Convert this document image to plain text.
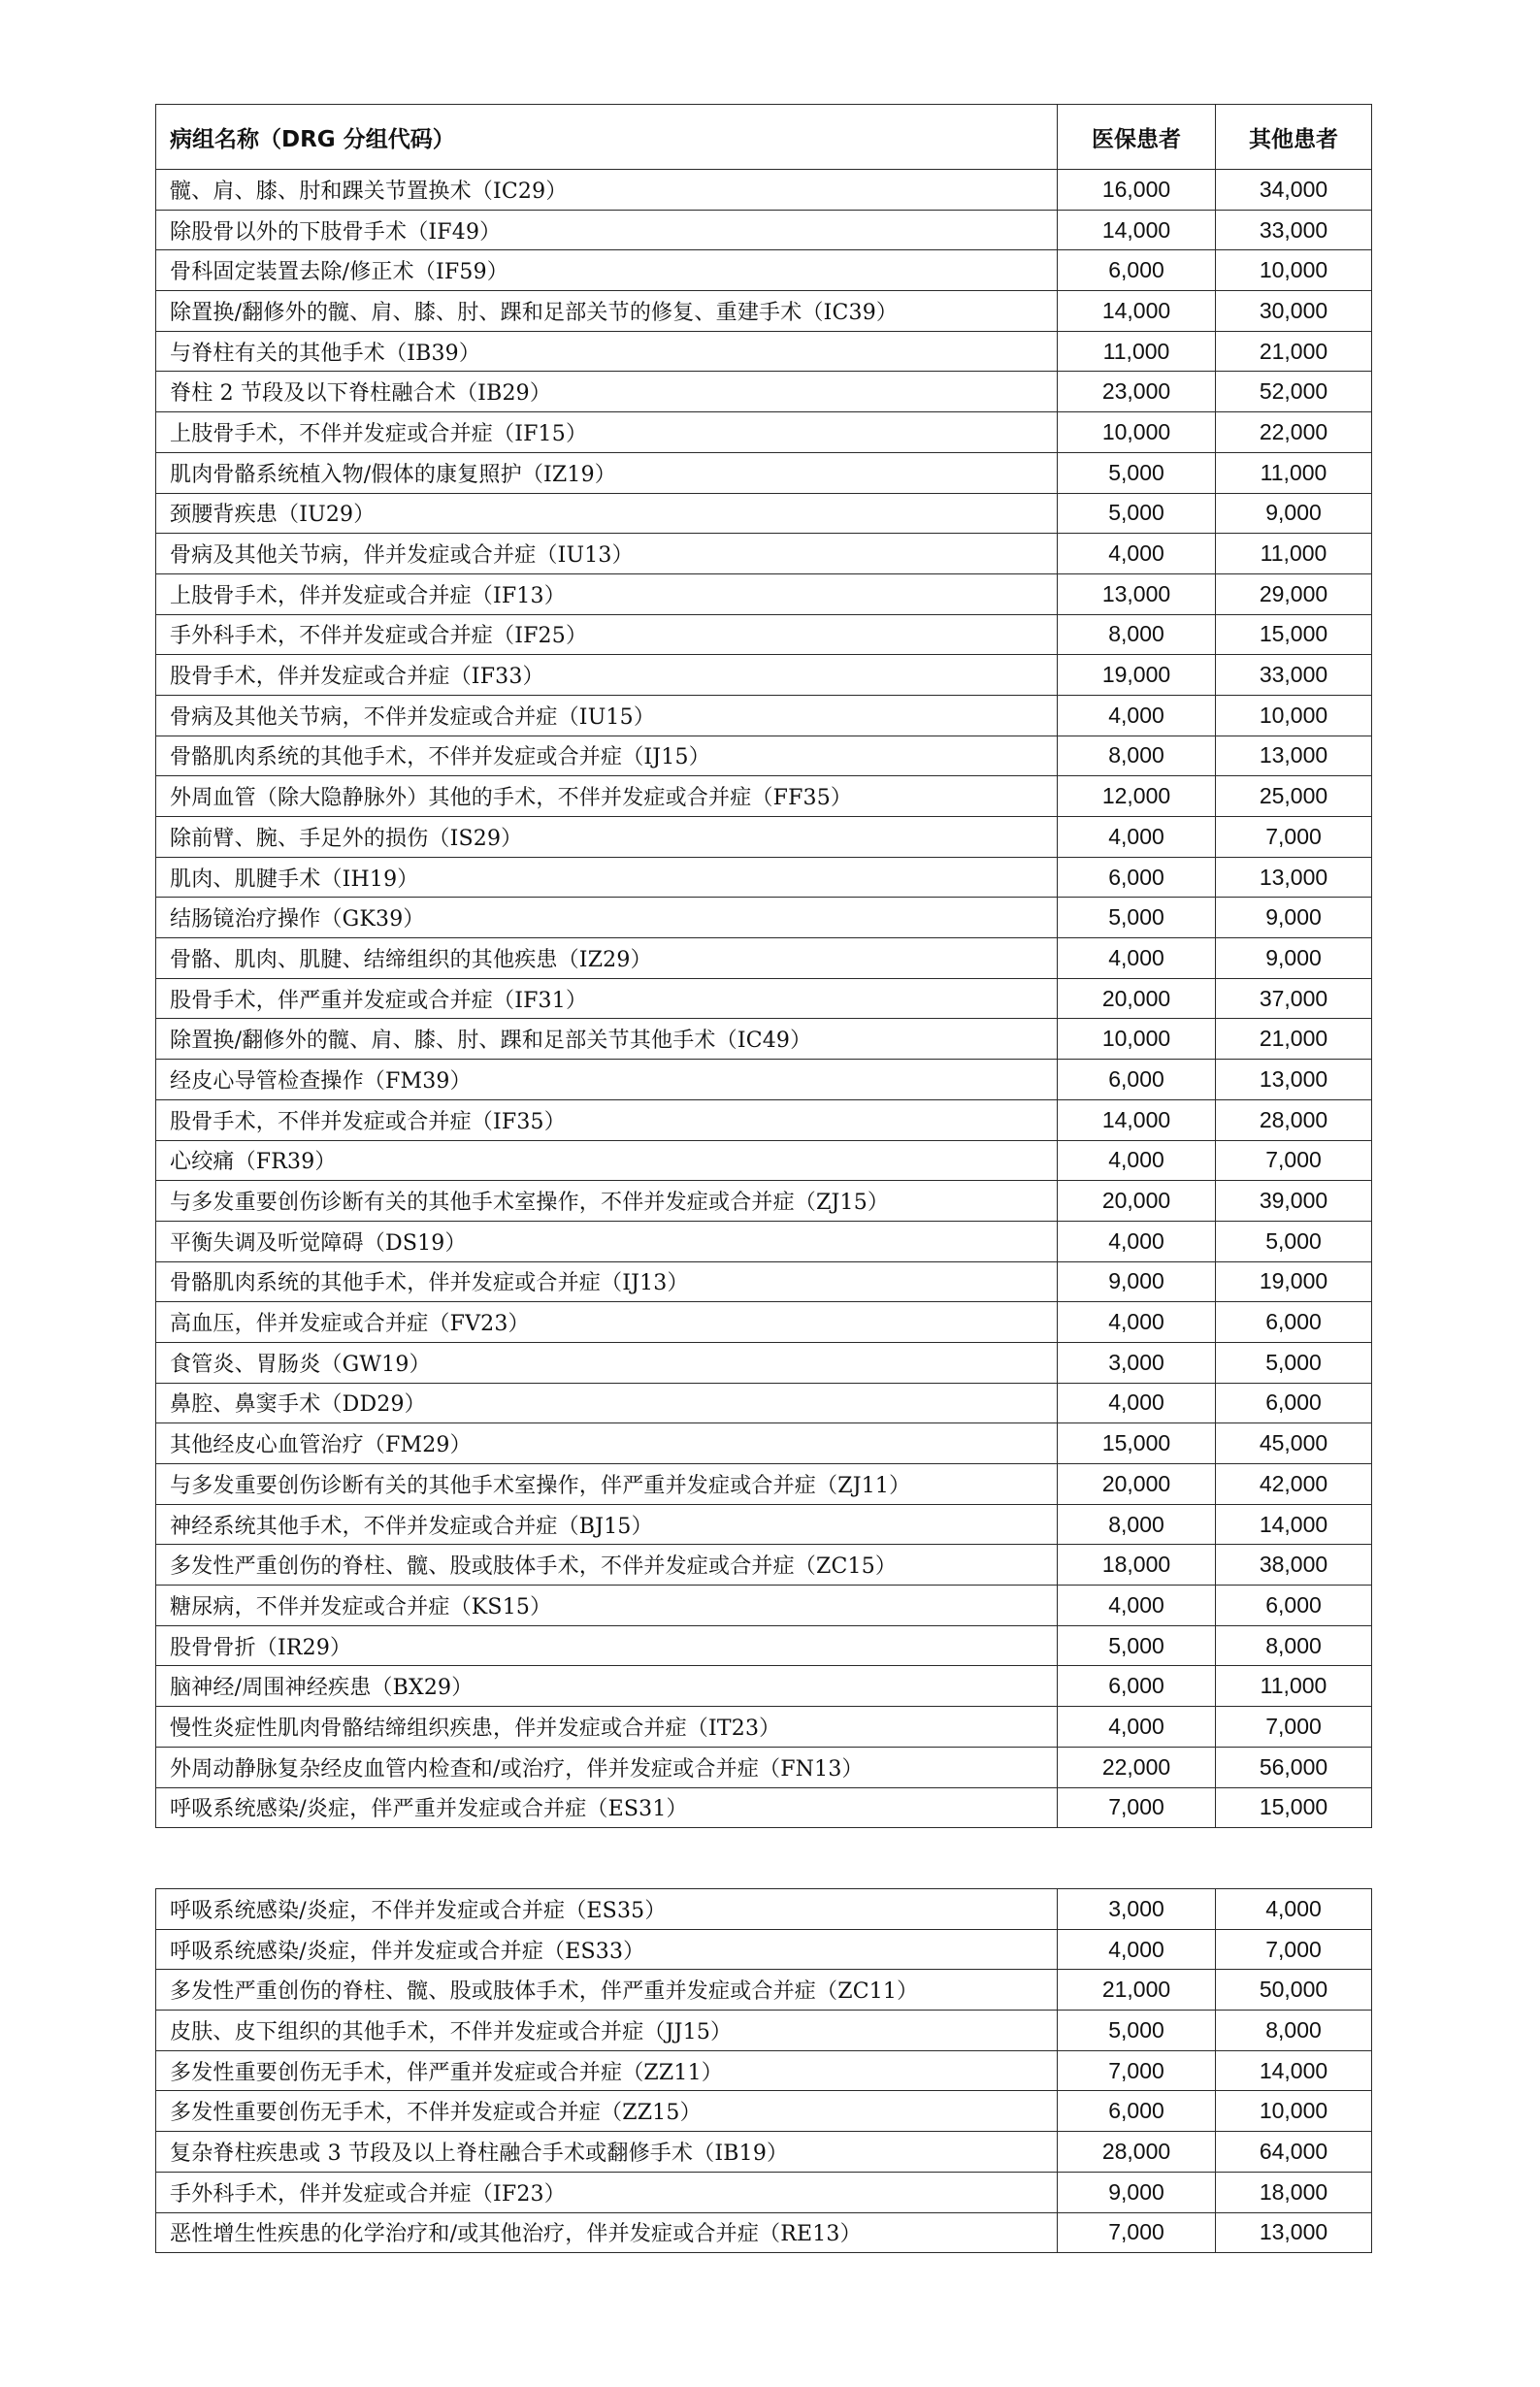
病组名称（DRG 分组代码）	医保患者	其他患者
髋、肩、膝、肘和踝关节置换术（IC29）	16,000	34,000
除股骨以外的下肢骨手术（IF49）	14,000	33,000
骨科固定装置去除/修正术（IF59）	6,000	10,000
除置换/翻修外的髋、肩、膝、肘、踝和足部关节的修复、重建手术（IC39）	14,000	30,000
与脊柱有关的其他手术（IB39）	11,000	21,000
脊柱 2 节段及以下脊柱融合术（IB29）	23,000	52,000
上肢骨手术，不伴并发症或合并症（IF15）	10,000	22,000
肌肉骨骼系统植入物/假体的康复照护（IZ19）	5,000	11,000
颈腰背疾患（IU29）	5,000	9,000
骨病及其他关节病，伴并发症或合并症（IU13）	4,000	11,000
上肢骨手术，伴并发症或合并症（IF13）	13,000	29,000
手外科手术，不伴并发症或合并症（IF25）	8,000	15,000
股骨手术，伴并发症或合并症（IF33）	19,000	33,000
骨病及其他关节病，不伴并发症或合并症（IU15）	4,000	10,000
骨骼肌肉系统的其他手术，不伴并发症或合并症（IJ15）	8,000	13,000
外周血管（除大隐静脉外）其他的手术，不伴并发症或合并症（FF35）	12,000	25,000
除前臂、腕、手足外的损伤（IS29）	4,000	7,000
肌肉、肌腱手术（IH19）	6,000	13,000
结肠镜治疗操作（GK39）	5,000	9,000
骨骼、肌肉、肌腱、结缔组织的其他疾患（IZ29）	4,000	9,000
股骨手术，伴严重并发症或合并症（IF31）	20,000	37,000
除置换/翻修外的髋、肩、膝、肘、踝和足部关节其他手术（IC49）	10,000	21,000
经皮心导管检查操作（FM39）	6,000	13,000
股骨手术，不伴并发症或合并症（IF35）	14,000	28,000
心绞痛（FR39）	4,000	7,000
与多发重要创伤诊断有关的其他手术室操作，不伴并发症或合并症（ZJ15）	20,000	39,000
平衡失调及听觉障碍（DS19）	4,000	5,000
骨骼肌肉系统的其他手术，伴并发症或合并症（IJ13）	9,000	19,000
高血压，伴并发症或合并症（FV23）	4,000	6,000
食管炎、胃肠炎（GW19）	3,000	5,000
鼻腔、鼻窦手术（DD29）	4,000	6,000
其他经皮心血管治疗（FM29）	15,000	45,000
与多发重要创伤诊断有关的其他手术室操作，伴严重并发症或合并症（ZJ11）	20,000	42,000
神经系统其他手术，不伴并发症或合并症（BJ15）	8,000	14,000
多发性严重创伤的脊柱、髋、股或肢体手术，不伴并发症或合并症（ZC15）	18,000	38,000
糖尿病，不伴并发症或合并症（KS15）	4,000	6,000
股骨骨折（IR29）	5,000	8,000
脑神经/周围神经疾患（BX29）	6,000	11,000
慢性炎症性肌肉骨骼结缔组织疾患，伴并发症或合并症（IT23）	4,000	7,000
外周动静脉复杂经皮血管内检查和/或治疗，伴并发症或合并症（FN13）	22,000	56,000
呼吸系统感染/炎症，伴严重并发症或合并症（ES31）	7,000	15,000
呼吸系统感染/炎症，不伴并发症或合并症（ES35）	3,000	4,000
呼吸系统感染/炎症，伴并发症或合并症（ES33）	4,000	7,000
多发性严重创伤的脊柱、髋、股或肢体手术，伴严重并发症或合并症（ZC11）	21,000	50,000
皮肤、皮下组织的其他手术，不伴并发症或合并症（JJ15）	5,000	8,000
多发性重要创伤无手术，伴严重并发症或合并症（ZZ11）	7,000	14,000
多发性重要创伤无手术，不伴并发症或合并症（ZZ15）	6,000	10,000
复杂脊柱疾患或 3 节段及以上脊柱融合手术或翻修手术（IB19）	28,000	64,000
手外科手术，伴并发症或合并症（IF23）	9,000	18,000
恶性增生性疾患的化学治疗和/或其他治疗，伴并发症或合并症（RE13）	7,000	13,000
